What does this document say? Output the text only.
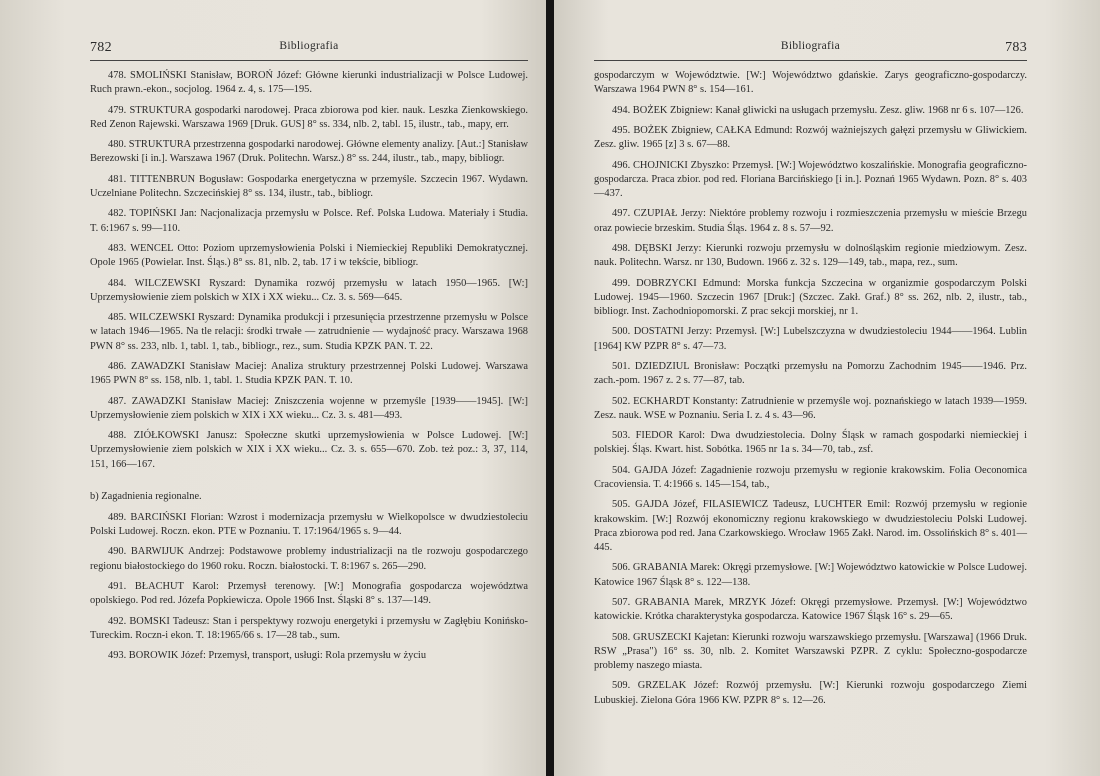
782	Bibliografia

478. SMOLIŃSKI Stanisław, BOROŃ Józef: Główne kierunki industrializacji w Polsce Ludowej. Ruch prawn.-ekon., socjolog. 1964 z. 4, s. 175—195.

479. STRUKTURA gospodarki narodowej. Praca zbiorowa pod kier. nauk. Leszka Zienkowskiego. Red Zenon Rajewski. Warszawa 1969 [Druk. GUS] 8° ss. 334, nlb. 2, tabl. 15, ilustr., tab., mapy, err.

480. STRUKTURA przestrzenna gospodarki narodowej. Główne elementy analizy. [Aut.:] Stanisław Berezowski [i in.]. Warszawa 1967 (Druk. Politechn. Warsz.) 8° ss. 244, ilustr., tab., mapy, bibliogr.

481. TITTENBRUN Bogusław: Gospodarka energetyczna w przemyśle. Szczecin 1967. Wydawn. Uczelniane Politechn. Szczecińskiej 8° ss. 134, ilustr., tab., bibliogr.

482. TOPIŃSKI Jan: Nacjonalizacja przemysłu w Polsce. Ref. Polska Ludowa. Materiały i Studia. T. 6:1967 s. 99—110.

483. WENCEL Otto: Poziom uprzemysłowienia Polski i Niemieckiej Republiki Demokratycznej. Opole 1965 (Powielar. Inst. Śląs.) 8° ss. 81, nlb. 2, tab. 17 i w tekście, bibliogr.

484. WILCZEWSKI Ryszard: Dynamika rozwój przemysłu w latach 1950—1965. [W:] Uprzemysłowienie ziem polskich w XIX i XX wieku... Cz. 3. s. 569—645.

485. WILCZEWSKI Ryszard: Dynamika produkcji i przesunięcia przestrzenne przemysłu w Polsce w latach 1946—1965. Na tle relacji: środki trwałe — zatrudnienie — wydajność pracy. Warszawa 1968 PWN 8° ss. 233, nlb. 1, tabl. 1, tab., bibliogr., rez., sum. Studia KPZK PAN. T. 22.

486. ZAWADZKI Stanisław Maciej: Analiza struktury przestrzennej Polski Ludowej. Warszawa 1965 PWN 8° ss. 158, nlb. 1, tabl. 1. Studia KPZK PAN. T. 10.

487. ZAWADZKI Stanisław Maciej: Zniszczenia wojenne w przemyśle [1939——1945]. [W:] Uprzemysłowienie ziem polskich w XIX i XX wieku... Cz. 3. s. 481—493.

488. ZIÓŁKOWSKI Janusz: Społeczne skutki uprzemysłowienia w Polsce Ludowej. [W:] Uprzemysłowienie ziem polskich w XIX i XX wieku... Cz. 3. s. 655—670. Zob. też poz.: 3, 37, 114, 151, 166—167.

b) Zagadnienia regionalne.

489. BARCIŃSKI Florian: Wzrost i modernizacja przemysłu w Wielkopolsce w dwudziestoleciu Polski Ludowej. Roczn. ekon. PTE w Poznaniu. T. 17:1964/1965 s. 9—44.

490. BARWIJUK Andrzej: Podstawowe problemy industrializacji na tle rozwoju gospodarczego regionu białostockiego do 1960 roku. Roczn. białostocki. T. 8:1967 s. 265—290.

491. BŁACHUT Karol: Przemysł terenowy. [W:] Monografia gospodarcza województwa opolskiego. Pod red. Józefa Popkiewicza. Opole 1966 Inst. Śląski 8° s. 137—149.

492. BOMSKI Tadeusz: Stan i perspektywy rozwoju energetyki i przemysłu w Zagłębiu Konińsko-Tureckim. Roczn-i ekon. T. 18:1965/66 s. 17—28 tab., sum.

493. BOROWIK Józef: Przemysł, transport, usługi: Rola przemysłu w życiu

Bibliografia	783

gospodarczym w Województwie. [W:] Województwo gdańskie. Zarys geograficzno-gospodarczy. Warszawa 1964 PWN 8° s. 154—161.

494. BOŻEK Zbigniew: Kanał gliwicki na usługach przemysłu. Zesz. gliw. 1968 nr 6 s. 107—126.

495. BOŻEK Zbigniew, CAŁKA Edmund: Rozwój ważniejszych gałęzi przemysłu w Gliwickiem. Zesz. gliw. 1965 [z] 3 s. 67—88.

496. CHOJNICKI Zbyszko: Przemysł. [W:] Województwo koszalińskie. Monografia geograficzno-gospodarcza. Praca zbior. pod red. Floriana Barcińskiego [i in.]. Poznań 1965 Wydawn. Pozn. 8° s. 403—437.

497. CZUPIAŁ Jerzy: Niektóre problemy rozwoju i rozmieszczenia przemysłu w mieście Brzegu oraz powiecie brzeskim. Studia Śląs. 1964 z. 8 s. 57—92.

498. DĘBSKI Jerzy: Kierunki rozwoju przemysłu w dolnośląskim regionie miedziowym. Zesz. nauk. Politechn. Warsz. nr 130, Budown. 1966 z. 32 s. 129—149, tab., mapa, rez., sum.

499. DOBRZYCKI Edmund: Morska funkcja Szczecina w organizmie gospodarczym Polski Ludowej. 1945—1960. Szczecin 1967 [Druk:] (Szczec. Zakł. Graf.) 8° ss. 262, nlb. 2, ilustr., tab., bibliogr. Inst. Zachodniopomorski. Z prac sekcji morskiej, nr 1.

500. DOSTATNI Jerzy: Przemysł. [W:] Lubelszczyzna w dwudziestoleciu 1944——1964. Lublin [1964] KW PZPR 8° s. 47—73.

501. DZIEDZIUL Bronisław: Początki przemysłu na Pomorzu Zachodnim 1945——1946. Prz. zach.-pom. 1967 z. 2 s. 77—87, tab.

502. ECKHARDT Konstanty: Zatrudnienie w przemyśle woj. poznańskiego w latach 1939—1959. Zesz. nauk. WSE w Poznaniu. Seria I. z. 4 s. 43—96.

503. FIEDOR Karol: Dwa dwudziestolecia. Dolny Śląsk w ramach gospodarki niemieckiej i polskiej. Śląs. Kwart. hist. Sobótka. 1965 nr 1a s. 34—70, tab., zsf.

504. GAJDA Józef: Zagadnienie rozwoju przemysłu w regionie krakowskim. Folia Oeconomica Cracoviensia. T. 4:1966 s. 145—154, tab.,

505. GAJDA Józef, FILASIEWICZ Tadeusz, LUCHTER Emil: Rozwój przemysłu w regionie krakowskim. [W:] Rozwój ekonomiczny regionu krakowskiego w dwudziestoleciu Polski Ludowej. Praca zbiorowa pod red. Jana Czarkowskiego. Wrocław 1965 Zakł. Narod. im. Ossolińskich 8° s. 401—445.

506. GRABANIA Marek: Okręgi przemysłowe. [W:] Województwo katowickie w Polsce Ludowej. Katowice 1967 Śląsk 8° s. 122—138.

507. GRABANIA Marek, MRZYK Józef: Okręgi przemysłowe. Przemysł. [W:] Województwo katowickie. Krótka charakterystyka gospodarcza. Katowice 1967 Śląsk 16° s. 29—65.

508. GRUSZECKI Kajetan: Kierunki rozwoju warszawskiego przemysłu. [Warszawa] (1966 Druk. RSW „Prasa") 16° ss. 30, nlb. 2. Komitet Warszawski PZPR. Z cyklu: Społeczno-gospodarcze problemy naszego miasta.

509. GRZELAK Józef: Rozwój przemysłu. [W:] Kierunki rozwoju gospodarczego Ziemi Lubuskiej. Zielona Góra 1966 KW. PZPR 8° s. 12—26.
